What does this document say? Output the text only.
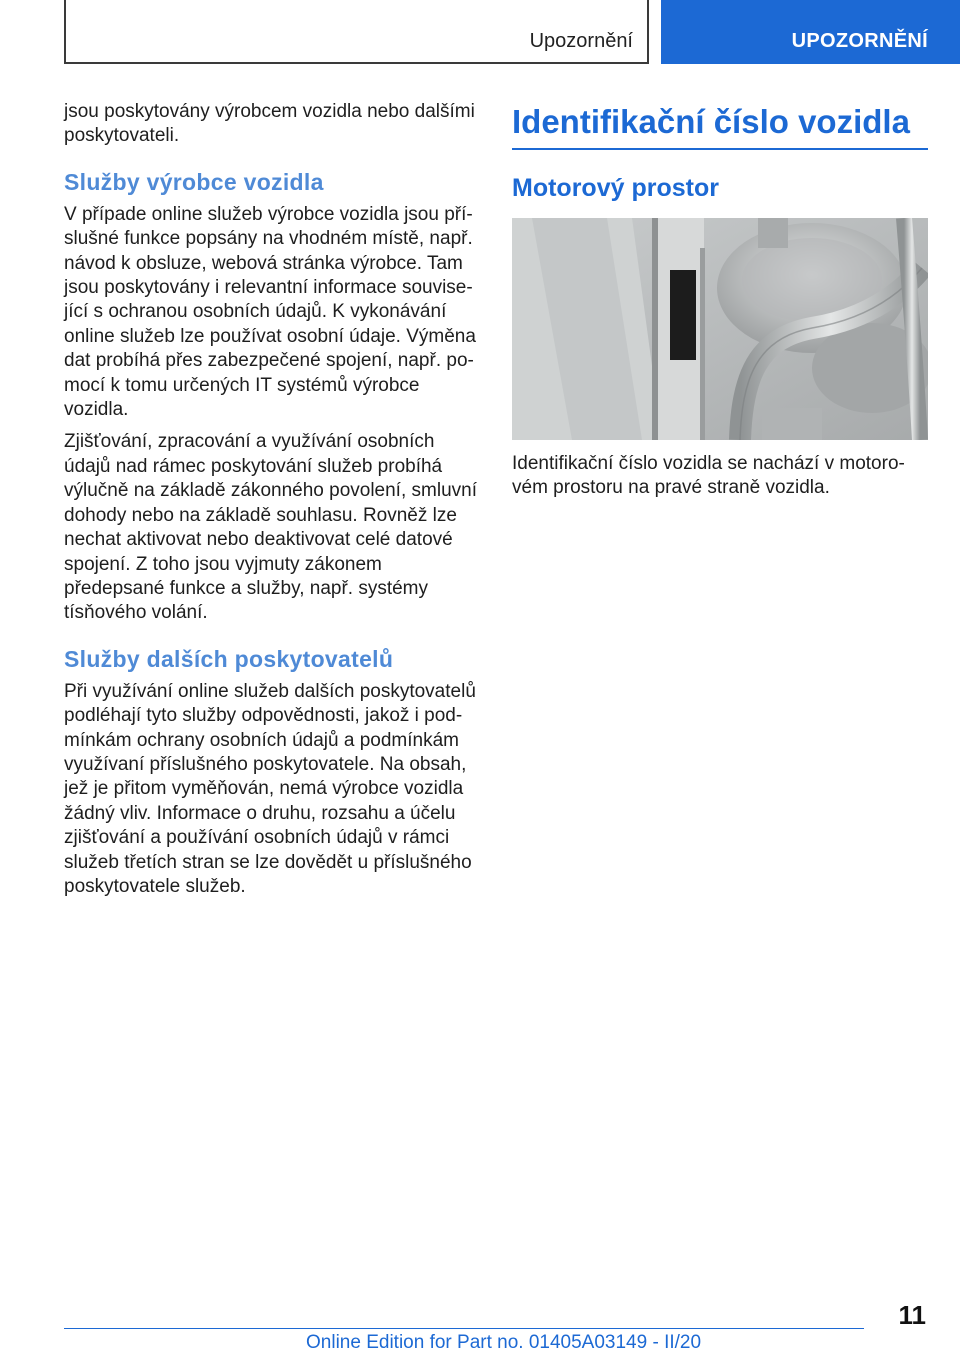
Upozornění	UPOZORNĚNÍ

jsou poskytovány výrobcem vozidla nebo dalšími poskytovateli.

Služby výrobce vozidla

V případe online služeb výrobce vozidla jsou příslušné funkce popsány na vhodném místě, např. návod k obsluze, webová stránka výrobce. Tam jsou poskytovány i relevantní informace související s ochranou osobních údajů. K vykonávání online služeb lze používat osobní údaje. Výměna dat probíhá přes zabezpečené spojení, např. pomocí k tomu určených IT systémů výrobce vozidla.

Zjišťování, zpracování a využívání osobních údajů nad rámec poskytování služeb probíhá výlučně na základě zákonného povolení, smluvní dohody nebo na základě souhlasu. Rovněž lze nechat aktivovat nebo deaktivovat celé datové spojení. Z toho jsou vyjmuty zákonem předepsané funkce a služby, např. systémy tísňového volání.

Služby dalších poskytovatelů

Při využívání online služeb dalších poskytovatelů podléhají tyto služby odpovědnosti, jakož i podmínkám ochrany osobních údajů a podmínkám využívaní příslušného poskytovatele. Na obsah, jež je přitom vyměňován, nemá výrobce vozidla žádný vliv. Informace o druhu, rozsahu a účelu zjišťování a používání osobních údajů v rámci služeb třetích stran se lze dovědět u příslušného poskytovatele služeb.

Identifikační číslo vozidla
Motorový prostor

Identifikační číslo vozidla se nachází v motorovém prostoru na pravé straně vozidla.

11
Online Edition for Part no. 01405A03149 - II/20
